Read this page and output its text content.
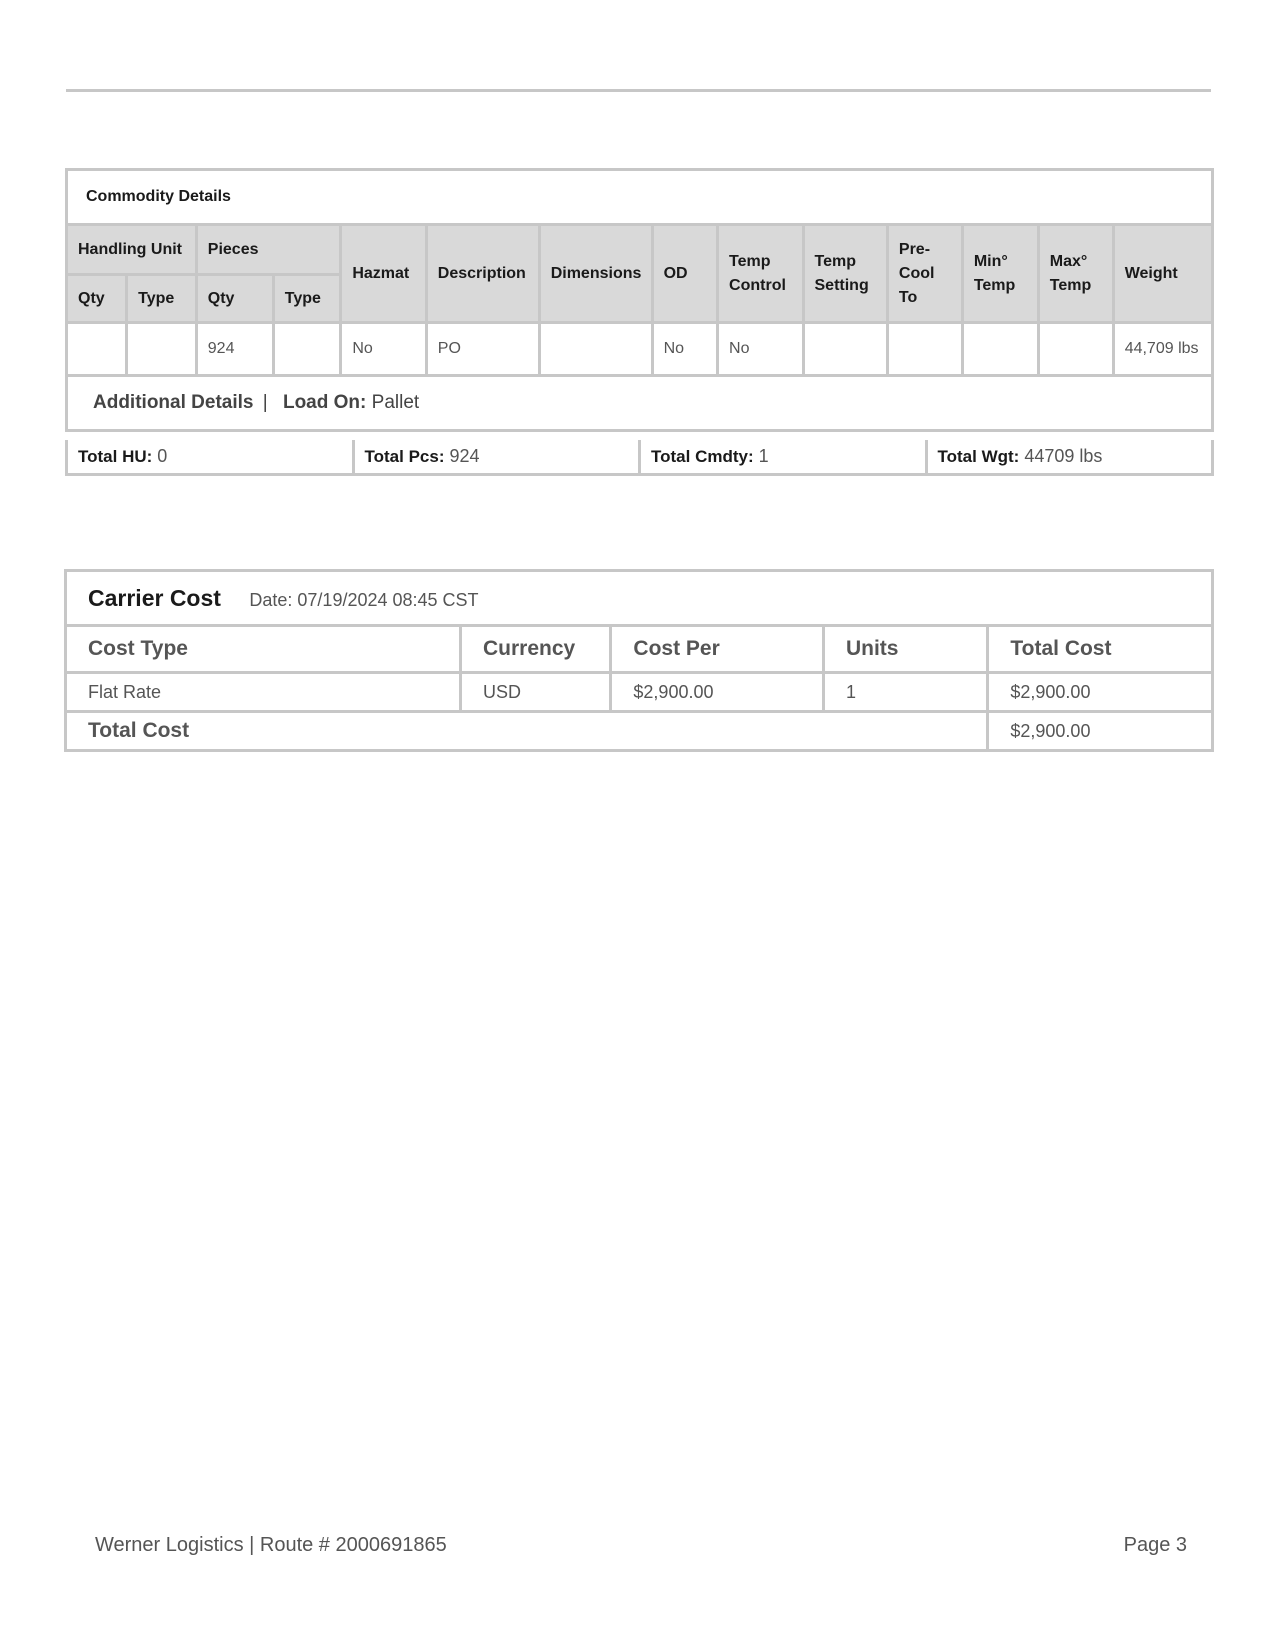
Commodity Details													
Handling Unit		Pieces		Hazmat	Description	Dimensions	OD	Temp Control	Temp Setting	Pre-Cool To	Min° Temp	Max° Temp	Weight
Qty	Type	Qty	Type										
		924		No	PO		No	No					44,709 lbs
Additional Details | Load On: Pallet													
Total HU: 0	Total Pcs: 924	Total Cmdty: 1	Total Wgt: 44709 lbs
Carrier Cost Date: 07/19/2024 08:45 CST				
Cost Type	Currency	Cost Per	Units	Total Cost
Flat Rate	USD	$2,900.00	1	$2,900.00
Total Cost				$2,900.00
Werner Logistics | Route # 2000691865	Page 3
